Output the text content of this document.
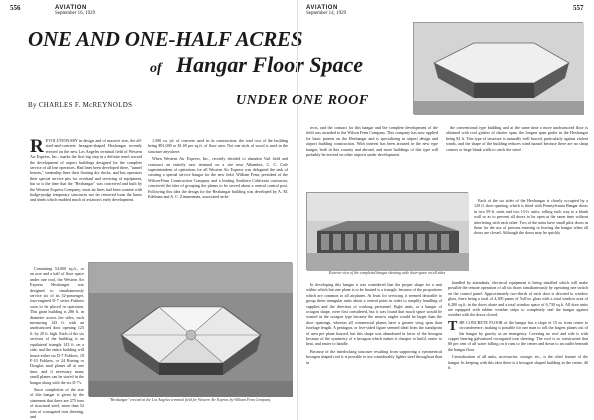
556	AVIATION
September 16, 1929
ONE AND ONE-HALF ACRES
of Hangar Floor Space
By CHARLES F. McREYNOLDS
R EVOLUTIONARY in design and of massive size, the all-steel-and-concrete hexagon-shaped Hexhangar recently erected on the new Los Angeles terminal field of Western Air Express, Inc., marks the first big step in a definite trend toward the development of airport buildings designed for the complete service of all line operators. Had lines been developed there, "tunnel houses," steamship lines their floating dry docks, and bus operators their special service pits for overhaul and servicing of equipment, but so is the time that the "Hexhangar" was conceived and built by the Western Express Company; most air lines had been content with hodge-podge temporary structures not far removed from the barns and sheds which enabled much of aviation's early development.

Containing 54,000 sq.ft., or an acre and a half of floor space under one roof, the Western Air Express Hexhangar was designed to simultaneously service six of its 32-passenger, four-engined D-7 series Fokkers soon to be placed in operation. This giant building is 286 ft. in diameter across the sides, each measuring 143 ft. with an unobstructed door opening 125 ft. by 20 ft. high. Each of the six sections of the building is an equilateral triangle 143 ft. on a side, and the entire building will house either six D-7 Fokkers, 18 F-10 Fokkers, or 24 Boeing or Douglas mail planes all at one time, and if necessary many small planes can be stored in the hangar along with the six D-7's.

Since completion of the size of this hangar is given by the statement that there are 275 tons of structural steel, more than 52 tons of corrugated iron sheeting, and

1,500 cu. yd. of concrete used in its construction, the total cost of the building being $91,000 or $1.69 per sq.ft. of floor area. Not one stick of wood is used in the structure anywhere.

When Western Air Express, Inc., recently decided to abandon Vail field and construct an entirely new terminal on a site near Alhambra, C. C. Cole superintendent of operations for all Western Air Express was delegated the task of creating a special service hangar for the new field. William Fenn, president of the Wilson-Fenn Construction Company and a leading Southern California contractor, conceived the idea of grouping the planes to be served about a central control post. Following this idea the design for the Hexhangar building was developed by A. M. Edelman and A. C. Zimmerman, associated archi-

"Hexhangar" erected at the Los Angeles terminal field for Western Air Express by William Fenn Company.
AVIATION
September 14, 1929
557
UNDER ONE ROOF

tects, and the contract for this hangar and the complete development of the field was awarded to the Wilson Fenn Company. This company has now applied for basic patents on the Hexhangar and is specializing in airport design and airport building construction. With interest has been aroused in the new type hangar, both in this country and abroad, and more buildings of this type will probably be erected on other airports under development.

the conventional type building and at the same time a more unobstructed floor is obtained with roof girders of shorter span, the longest span girder in the Hexhangar being 82 ft. This type of structure is naturally well braced, particularly against violent winds, and the shape of the building reduces wind hazard because there are no sharp corners or large blank walls to catch the wind.

Exterior view of the completed hangar showing wide door-space on all sides

In developing this hangar it was considered that the proper shape for a unit within which but one plane is to be housed is a triangle, because of the proportions which are common to all airplanes. At least for servicing it seemed desirable to group these triangular units about a central point in order to simplify handling of supplies and the direction of working personnel. Eight units, or a hangar of octagon shape, were first considered, but it was found that much space would be wasted in the octagon type because the narrow angles would be larger than the door openings, whereas all commercial planes have a greater wing span than fuselage length. A pentagon, or five-sided figure seemed ideal from the standpoint of area per plane housed, but this shape was abandoned in favor of the hexagon because of the symmetry of a hexagon which makes it cheaper to build, easier to heat, and easier to handle.

Because of the interlocking structure resulting from supporting a symmetrical hexagon shaped roof it is possible to use considerably lighter steel throughout than in

Each of the six sides of the Hexhangar is closely occupied by a 120 ft. door opening, which is fitted with Pennsylvania Hangar doors in two 59-ft. units and two 15-ft. units, rolling each way to a blank wall so as to prevent all doors to be open at the same time without interfering with each other. Two of the units have small pilot doors in them for the use of persons entering or leaving the hangar when all doors are closed. Although the doors may be quickly

handled by attendants, electrical equipment is being installed which will make possible the remote operation of all six doors simultaneously by operating one switch on the control panel. Approximately two-thirds of each door is devoted to window glass, there being a total of 4,300 panes of 5x8-in. glass with a total window area of 6,200 sq.ft. in the doors alone and a total window space of 6,730 sq.ft. All door units are equipped with rubber weather strips to completely seal the hangar against weather with the doors closed.

T HE CONCRETE FLOOR of the hangar has a slope of 15 in. from center to circumference, making it possible for one man to roll the largest planes out of the hangar by gravity as an emergency. Covering no roof and side is with copper bearing galvanized corrugated iron sheeting. The roof is so constructed that 60 per cent of all water falling on it runs to the center and down to an outlet beneath the hangar floor.

Centralization of all units, accessories, storage, etc., is the chief feature of the hangar. In keeping with this idea there is a hexagon shaped building in the center, 40 ft.
